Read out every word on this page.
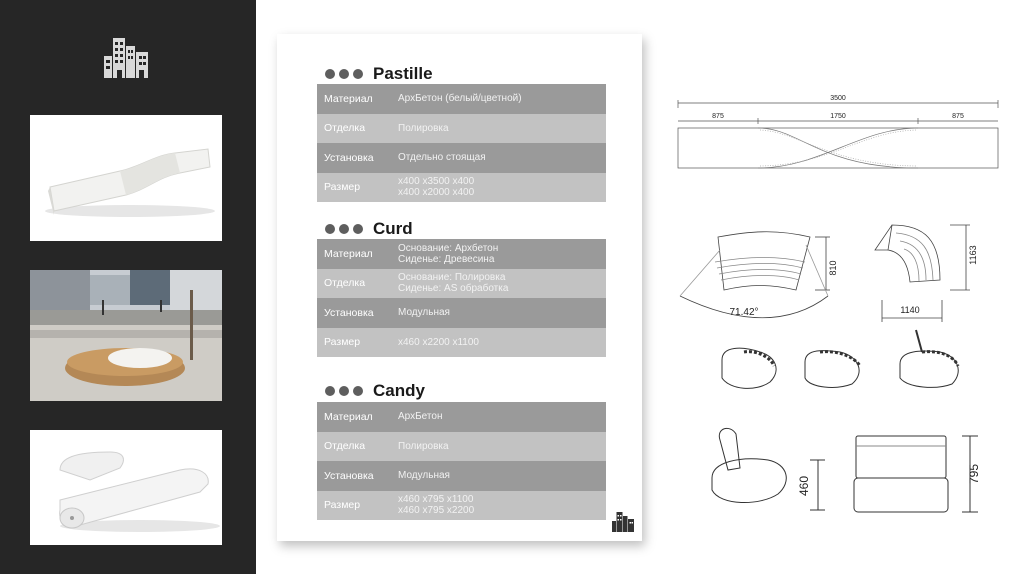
Pastille
Материал	АрхБетон (белый/цветной)
Отделка	Полировка
Установка	Отдельно стоящая
Размер	x400 x3500 x400
x400 x2000 x400
Curd
Материал	Основание: Архбетон
Сиденье: Древесина
Отделка	Основание: Полировка
Сиденье: AS обработка
Установка	Модульная
Размер	x460 x2200 x1100
Candy
Материал	АрхБетон
Отделка	Полировка
Установка	Модульная
Размер	x460 x795 x1100
x460 x795 x2200
3500
875	1750	875
810
71.42°
1163
1140
460
795
